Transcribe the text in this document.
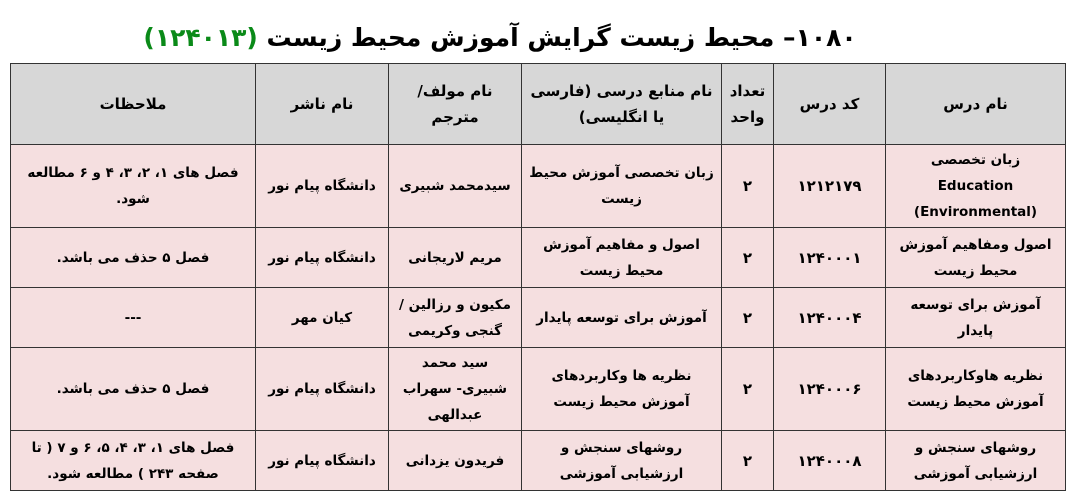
۱۰۸۰– محیط زیست گرایش آموزش محیط زیست (۱۲۴۰۱۳)
نام درس	کد درس	تعداد واحد	نام منابع درسی (فارسی یا انگلیسی)	نام مولف/ مترجم	نام ناشر	ملاحظات
زبان تخصصی Education (Environmental)	۱۲۱۲۱۷۹	۲	زبان تخصصی آموزش محیط زیست	سیدمحمد شبیری	دانشگاه پیام نور	فصل های ۱، ۲، ۳، ۴ و ۶ مطالعه شود.
اصول ومفاهیم آموزش محیط زیست	۱۲۴۰۰۰۱	۲	اصول و مفاهیم آموزش محیط زیست	مریم لاریجانی	دانشگاه پیام نور	فصل ۵ حذف می باشد.
آموزش برای توسعه پایدار	۱۲۴۰۰۰۴	۲	آموزش برای توسعه پایدار	مکیون و رزالین / گنجی وکریمی	کیان مهر	---
نظریه هاوکاربردهای آموزش محیط زیست	۱۲۴۰۰۰۶	۲	نظریه ها وکاربردهای آموزش محیط زیست	سید محمد شبیری- سهراب عبدالهی	دانشگاه پیام نور	فصل ۵ حذف می باشد.
روشهای سنجش و ارزشیابی آموزشی	۱۲۴۰۰۰۸	۲	روشهای سنجش و ارزشیابی آموزشی	فریدون یزدانی	دانشگاه پیام نور	فصل های ۱، ۳، ۴، ۵، ۶ و ۷ ( تا صفحه ۲۴۳ ) مطالعه شود.
